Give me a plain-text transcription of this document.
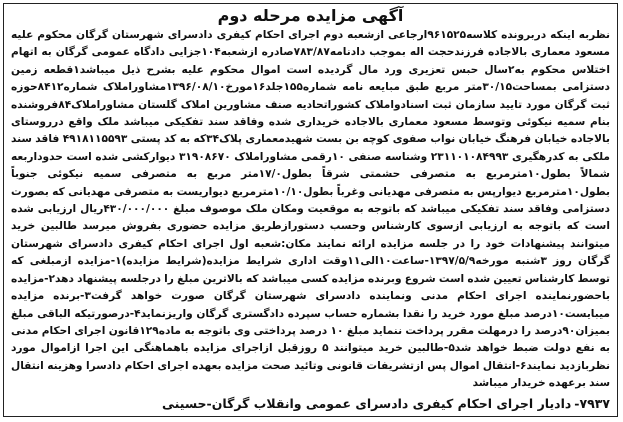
آگهی مزایده مرحله دوم

نظربه اینکه دربرونده کلاسه۹۶۱۵۲۵ارجاعی ازشعبه دوم اجرای احکام کیفری دادسرای شهرستان گرگان محکوم علیه مسعود معماری بالاجاده فرزندحجت اله بموجب دادنامه۷۸۳/۸۷صادره ازشعبه۱۰۴جزایی دادگاه عمومی گرگان به اتهام اختلاس محکوم به۲سال حبس تعزیری ورد مال گردیده است اموال محکوم علیه بشرح ذیل میباشد۱قطعه زمین دستزامی بمساحت۳۰/۱۵متر مربع طبق مبایعه نامه شماره۱۵۵جلد۱۶مورخ۱۳۹۶/۰۸/۱۰مشاوراملاک شماره۸۴۱۲حوزه ثبت گرگان مورد تایید سازمان ثبت اسنادواملاک کشوراتحادیه صنف مشاورین املاک گلستان مشاوراملاک۸۴فروشنده بنام سمیه نیکوئی وتوسط مسعود معماری بالاجاده خریداری شده وفاقد سند تفکیکی میباشد ملک واقع درروستای بالاجاده خیابان فرهنگ خیابان نواب صفوی کوچه بن بست شهیدمعماری پلاک۳۴که به کد پستی ۴۹۱۸۱۱۵۵۹۳ فاقد سند ملکی به کدرهگیری ۲۳۱۱۰۱۰۸۴۹۹۳ وشناسه صنفی ۱۰رقمی مشاوراملاک ۳۱۹۰۸۶۷۰ دیوارکشی شده است حدوداربعه شمالاً بطول۱۰مترمربع به متصرفی حشمتی شرقاً بطول۱۷/۰متر مربع به متصرفی سمیه نیکوئی جنوباً بطول۱۰مترمربع دیوارپس به متصرفی مهدیانی وغرباً بطول۱۰/۱۰مترمربع دیواریست به متصرفی مهدیانی که بصورت دستزامی وفاقد سند تفکیکی میباشد که باتوجه به موقعیت ومکان ملک موصوف مبلغ ۴۳۰/۰۰۰/۰۰۰ریال ارزیابی شده است که باتوجه به ارزیابی ازسوی کارشناس وحسب دستورازطریق مزایده حضوری بفروش میرسد طالبین خرید میتوانند پیشنهادات خود را در جلسه مزایده ارائه نمایند مکان:شعبه اول اجرای احکام کیفری دادسرای شهرستان گرگان روز ۳شنبه مورخه۱۳۹۷/۵/۹-ساعت۱۰الی۱۱وقت اداری شرایط مزایده(شرایط مزایده)۱-مزایده ازمبلغی که توسط کارشناس تعیین شده است شروع وبرنده مزایده کسی میباشد که بالاترین مبلغ را درجلسه پیشنهاد دهد۲-مزایده باحضورنماینده اجرای احکام مدنی ونماینده دادسرای شهرستان گرگان صورت خواهد گرفت۳-برنده مزایده میبایست۱۰درصد مبلغ مورد خرید را نقدا بشماره حساب سپرده دادگستری گرگان واریزنماید۴-درصورتیکه الباقی مبلغ بمیزان۹۰درصد را درمهلت مقرر پرداخت ننماید مبلغ ۱۰ درصد پرداختی وی باتوجه به ماده۱۲۹قانون اجرای احکام مدنی به نفع دولت ضبط خواهد شد۵-طالبین خرید میتوانند ۵ روزقبل ازاجرای مزایده باهماهنگی این اجرا ازاموال مورد نظربازدید نمایند۶-انتقال اموال پس ازتشریفات قانونی وتائید صحت مزایده بعهده اجرای احکام دادسرا وهزینه انتقال سند برعهده خریدار میباشد

۷۹۳۷-
دادیار اجرای احکام کیفری دادسرای عمومی وانقلاب گرگان-حسینی
